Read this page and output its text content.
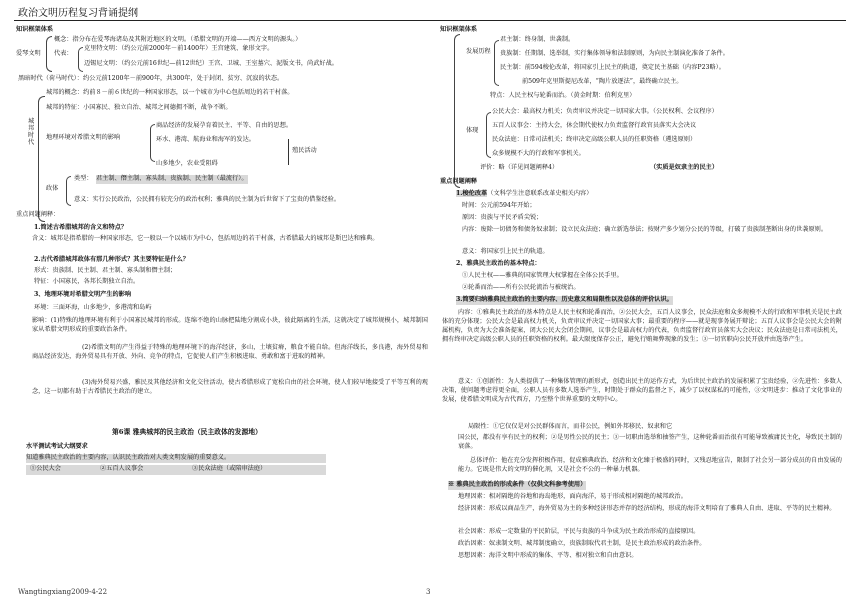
政治文明历程复习背诵提纲
知识框架体系
爱琴文明
概念：指分布在爱琴海诸岛及其附近地区的文明。（希腊文明的开端——西方文明的源头。）
代表：
克里特文明：（约公元前2000年－前1400年）王宫建筑、象形文字。
迈锡尼文明：（约公元前16世纪—前12世纪）王宫、卫城、王室墓穴、泥版文书，尚武好战。
黑暗时代（荷马时代）：约公元前1200年－前900年，共300年，处于封闭、贫穷、沉寂的状态。
城邦时代
城邦的概念：约前８－前６世纪的一种国家形态，以一个城市为中心包括周边的若干村落。
城邦的特征：小国寡民、独立自治、城邦之间德拥不断，战争不断。
地理环境对希腊文明的影响
商品经济的发展孕育着民主、平等、自由的思想。
环水、港湾、航海业和海军的发达。
山多地少，农业受阻碍
殖民活动
政体
类型： 君主制、僭主制、寡头制、贵族制、民主制（最流行）。
意义：实行公民政治，公民拥有较充分的政治权利；雅典的民主制为后世留下了宝贵的借鉴经验。
重点问题阐释：
1.简述古希腊城邦的含义和特点？
含义：城邦是指希腊的一种国家形态，它一般以一个以城市为中心，包括周边的若干村落，古希腊最大的城邦是斯巴达和雅典。
2.古代希腊城邦政体有那几种形式？其主要特征是什么？
形式：贵族制、民主制、君主制、寡头制和僭主制；
特征：小国寡民，各邦长期独立自治。
3、地理环境对希腊文明产生的影响
环境：三面环海，山多地少，多港湾和岛屿
影响：(1)特殊的地理环境有利于小国寡民城邦的形成。连绵不绝的山脉把陆地分割成小块，彼此隔离的生活，这就决定了城邦规模小，城邦制国家从希腊文明形成的重要政治条件。
(2)希腊文明的产生得益于特殊的地理环境下的海洋经济，多山，土壤贫瘠，粮食不能自给。但海洋线长，多良港，海外贸易和商品经济发达，海外贸易具有开放、外向、竞争的特点，它促使人们产生积极进取、勇敢和富于进取的精神。
(3)海外贸易兴盛，雅民及其他经济和文化交往活动，使古希腊形成了宽松自由的社会环境，使人们较早地接受了平等互利的观念，这一切都有助于古希腊民主政治的建立。
第6课 雅典城邦的民主政治（民主政体的发源地）
水平测试考试大纲要求
知道雅典民主政治的主要内容，认识民主政治对人类文明发展的重要意义。
①公民大会	②五百人议事会	③民众法庭（或陪审法庭）
知识框架体系
发展历程
君主制：终身制、世袭制。
贵族制：任期制、选举制，实行集体领导和法制原则，为向民主制演化准备了条件。
民主制：前594梭伦改革，将国家引上民主的轨道，奠定民主基础（内容P23略）。
前509年克里斯提尼改革，“陶片放逐法”，最终确立民主。
特点：人民主权与轮番而治。（黄金时期：伯利克里）
体现
公民大会：最高权力机关；负责审议并决定一切国家大事。（公民权利、会议程序）
五百人议事会：主持大会，休会期代使权力负责监督行政官员落实大会决议
民众法庭：日常司法机关；终审决定高级公职人员的任职资格（遴选原则）
众多规模不大的行政和军事机关。
评价：略（详见问题阐释4）	（实质是奴隶主的民主）
重点问题阐释
1.梭伦改革（文科学生注意联系改革史相关内容）
时间：公元前594年开始；
原因：贵族与平民矛盾尖锐；
内容：废除一切债务和债务奴隶制；设立民众法庭；确立新选举法；按财产多少划分公民的等级，打破了贵族制垄断出身的世袭原则。
意义：将国家引上民主的轨道。
2、雅典民主政治的基本特点：
①人民主权——雅典的国家管理大权掌握在全体公民手里。
②轮番而治——所有公民轮流治与被统治。
3.简要归纳雅典民主政治的主要内容、历史意义和局限性以及总体的评价认识。
内容：①雅典民主政治的基本特点是人民主权和轮番而治，②公民大会，五百人议事会，民众法庭和众多规模不大的行政和军事机关是民主政体的充分体现；公民大会是最高权力机关，负责审议并决定一切国家大事；最重要的程序——就是现事务展开辩论；五百人议事会是公民大会的附属机构，负责为大会准备提案，闭大公民大会闭会期间，议事会是最高权力的代表，负责监督行政官员落实大会决议；民众法庭是日常司法机关，拥有终审决定高级公职人员的任职资格的权利。最大限度保存公正，避免行贿舞弊现象的发生；③一切官职向公民开放并由选举产生。
意义：①创新性：为人类提供了一种集体管理的新形式，创造出民主的运作方式，为后世民主政治的发展积累了宝贵经验，②先进性：多数人决策，使问题考虑得更全面，公职人员有多数人选举产生，时期处于群众的监督之下，减少了以权谋私的可能性，③文明进步：推动了文化事业的发展，使希腊文明成为古代西方，乃至整个世界重要的文明中心。
局限性：①它仅仅是对公民群体而言，而非公民，例如外邦移民、奴隶和它
国公民，都没有享有民主的权利；②是男性公民的民主；③一切职由选举和抽签产生，这种轮番而治很有可能导致被庸民主化，导致民主制的衰落。
总体评价：他在充分发挥积极作用，促成雅典政治、经济和文化臻于极盛的同时，又残忍地宣告，限制了社会另一部分成员的自由发展的能力。它既是伟大的文明的催化剂，又是社会不公的一种暴力机器。
※ 雅典民主政治的形成条件（仅供文科参考使用）
地理因素：相对隔绝的谷地和海岛地形，面向海洋，易于形成相对隔绝的城邦政治。
经济因素：形成以商品生产，海外贸易为主的多种经济形态并存的经济结构，形成的海洋文明培育了雅典人自由、进取、平等的民主精神。
社会因素：形成一定数量的平民阶层，平民与贵族的斗争成为民主政治形成的直接原因。
政治因素：奴隶制文明、城邦制度确立，贵族制取代君主制，是民主政治形成的政治条件。
思想因素：海洋文明中形成的集体、平等、相对独立和自由意识。
Wangtingxiang2009-4-22	3
